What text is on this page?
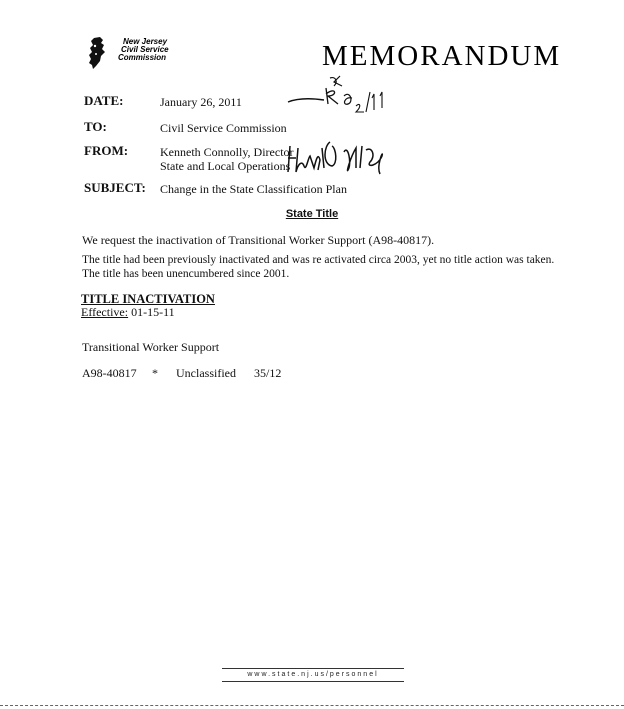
New Jersey
Civil Service
Commission	MEMORANDUM
DATE:	January 26, 2011
TO:	Civil Service Commission
FROM:	Kenneth Connolly, Director
State and Local Operations
SUBJECT: Change in the State Classification Plan
State Title
We request the inactivation of Transitional Worker Support (A98-40817).
The title had been previously inactivated and was re activated circa 2003, yet no title action was taken. The title has been unencumbered since 2001.
TITLE INACTIVATION
Effective: 01-15-11
Transitional Worker Support
A98-40817 * Unclassified 35/12
www.state.nj.us/personnel
